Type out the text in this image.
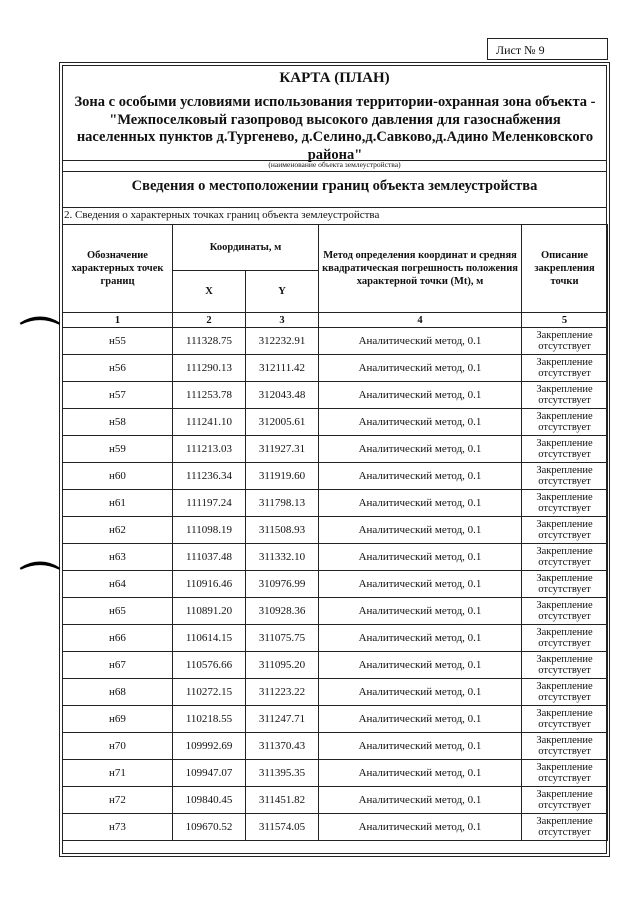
Лист № 9
КАРТА (ПЛАН)
Зона с особыми условиями использования территории-охранная зона объекта -"Межпоселковый газопровод высокого давления для газоснабжения населенных пунктов д.Тургенево, д.Селино,д.Савково,д.Адино Меленковского района"
(наименование объекта землеустройства)
Сведения о местоположении границ объекта землеустройства
2. Сведения о характерных точках границ объекта землеустройства
Обозначение характерных точек границ	Координаты, м		Метод определения координат и средняя квадратическая погрешность положения характерной точки (Mt), м	Описание закрепления точки
	X	Y		
1	2	3	4	5
н55	111328.75	312232.91	Аналитический метод, 0.1	Закрепление отсутствует
н56	111290.13	312111.42	Аналитический метод, 0.1	Закрепление отсутствует
н57	111253.78	312043.48	Аналитический метод, 0.1	Закрепление отсутствует
н58	111241.10	312005.61	Аналитический метод, 0.1	Закрепление отсутствует
н59	111213.03	311927.31	Аналитический метод, 0.1	Закрепление отсутствует
н60	111236.34	311919.60	Аналитический метод, 0.1	Закрепление отсутствует
н61	111197.24	311798.13	Аналитический метод, 0.1	Закрепление отсутствует
н62	111098.19	311508.93	Аналитический метод, 0.1	Закрепление отсутствует
н63	111037.48	311332.10	Аналитический метод, 0.1	Закрепление отсутствует
н64	110916.46	310976.99	Аналитический метод, 0.1	Закрепление отсутствует
н65	110891.20	310928.36	Аналитический метод, 0.1	Закрепление отсутствует
н66	110614.15	311075.75	Аналитический метод, 0.1	Закрепление отсутствует
н67	110576.66	311095.20	Аналитический метод, 0.1	Закрепление отсутствует
н68	110272.15	311223.22	Аналитический метод, 0.1	Закрепление отсутствует
н69	110218.55	311247.71	Аналитический метод, 0.1	Закрепление отсутствует
н70	109992.69	311370.43	Аналитический метод, 0.1	Закрепление отсутствует
н71	109947.07	311395.35	Аналитический метод, 0.1	Закрепление отсутствует
н72	109840.45	311451.82	Аналитический метод, 0.1	Закрепление отсутствует
н73	109670.52	311574.05	Аналитический метод, 0.1	Закрепление отсутствует
⌒
⌒
